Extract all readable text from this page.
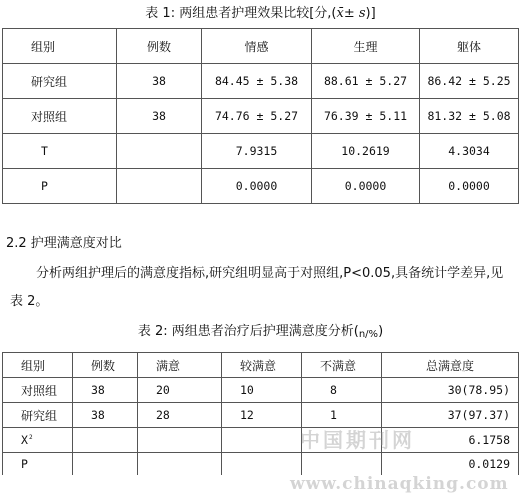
表 1: 两组患者护理效果比较[分,(x̄± s)]
组别	例数	情感	生理	躯体
研究组	38	84.45 ± 5.38	88.61 ± 5.27	86.42 ± 5.25
对照组	38	74.76 ± 5.27	76.39 ± 5.11	81.32 ± 5.08
T		7.9315	10.2619	4.3034
P		0.0000	0.0000	0.0000
2.2 护理满意度对比
分析两组护理后的满意度指标,研究组明显高于对照组,P<0.05,具备统计学差异,见表 2。
表 2: 两组患者治疗后护理满意度分析(n/%)
组别	例数	满意	较满意	不满意	总满意度
对照组	38	20	10	8	30(78.95)
研究组	38	28	12	1	37(97.37)
$X^2$					6.1758
P					0.0129
中国期刊网
www.chinaqking.com
